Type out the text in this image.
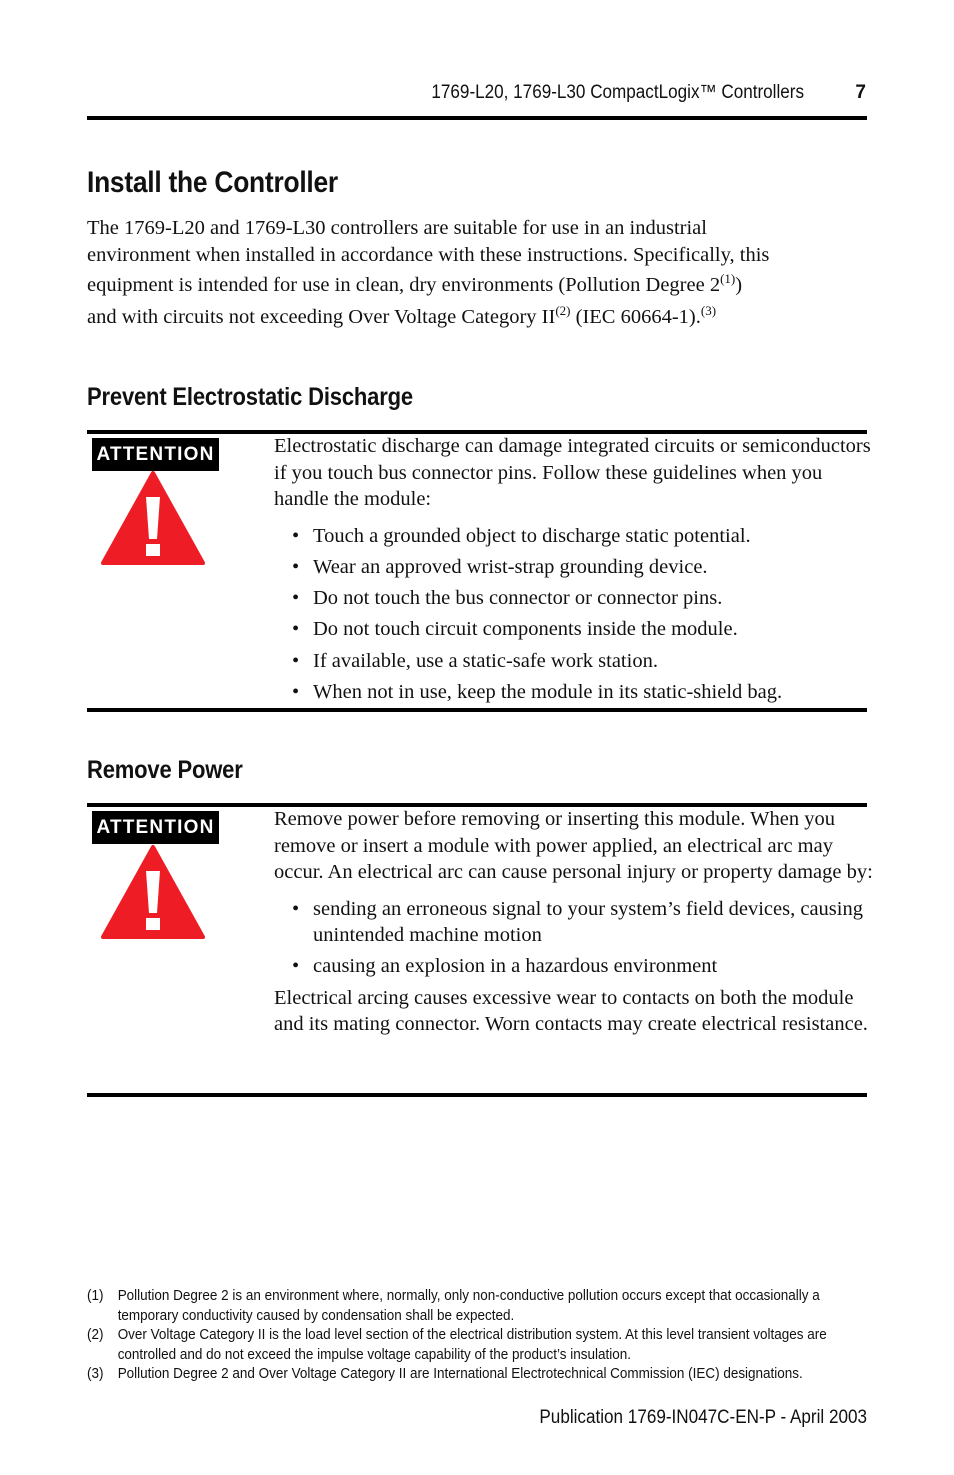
1769-L20, 1769-L30 CompactLogix™ Controllers	7
Install the Controller
The 1769-L20 and 1769-L30 controllers are suitable for use in an industrial
environment when installed in accordance with these instructions. Specifically, this
equipment is intended for use in clean, dry environments (Pollution Degree 2$^{(1)}$)
and with circuits not exceeding Over Voltage Category II$^{(2)}$ (IEC 60664-1).$^{(3)}$
Prevent Electrostatic Discharge
ATTENTION	Electrostatic discharge can damage integrated circuits or semiconductors if you touch bus connector pins. Follow these guidelines when you handle the module:

• Touch a grounded object to discharge static potential.
• Wear an approved wrist-strap grounding device.
• Do not touch the bus connector or connector pins.
• Do not touch circuit components inside the module.
• If available, use a static-safe work station.
• When not in use, keep the module in its static-shield bag.
Remove Power
ATTENTION	Remove power before removing or inserting this module. When you remove or insert a module with power applied, an electrical arc may occur. An electrical arc can cause personal injury or property damage by:

• sending an erroneous signal to your system’s field devices, causing unintended machine motion
• causing an explosion in a hazardous environment

Electrical arcing causes excessive wear to contacts on both the module and its mating connector. Worn contacts may create electrical resistance.

(1) Pollution Degree 2 is an environment where, normally, only non-conductive pollution occurs except that occasionally a
temporary conductivity caused by condensation shall be expected.
(2) Over Voltage Category II is the load level section of the electrical distribution system. At this level transient voltages are
controlled and do not exceed the impulse voltage capability of the product’s insulation.
(3) Pollution Degree 2 and Over Voltage Category II are International Electrotechnical Commission (IEC) designations.
Publication 1769-IN047C-EN-P - April 2003
